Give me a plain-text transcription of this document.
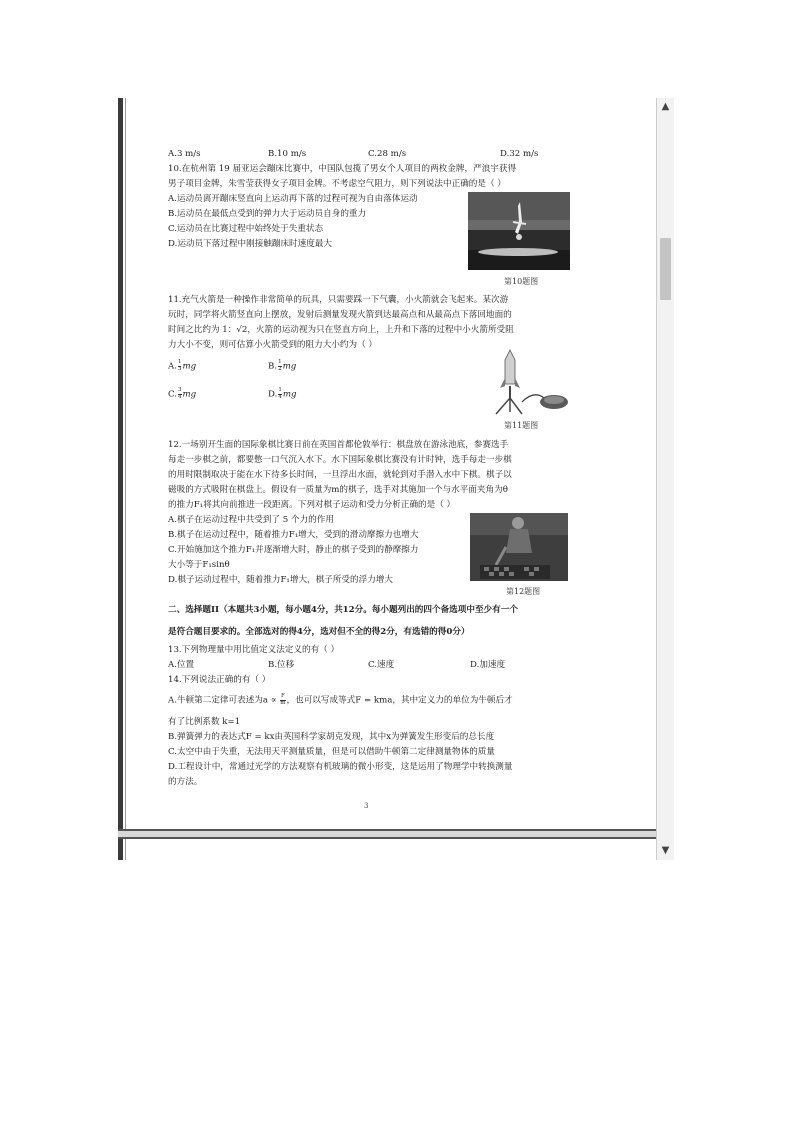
A.3 m/s	B.10 m/s	C.28 m/s	D.32 m/s
10.在杭州第 19 届亚运会蹦床比赛中，中国队包揽了男女个人项目的两枚金牌，严浪宇获得
男子项目金牌，朱雪莹获得女子项目金牌。不考虑空气阻力，则下列说法中正确的是（ ）
A.运动员离开蹦床竖直向上运动再下落的过程可视为自由落体运动
B.运动员在最低点受到的弹力大于运动员自身的重力
C.运动员在比赛过程中始终处于失重状态
D.运动员下落过程中刚接触蹦床时速度最大
第10题图
11.充气火箭是一种操作非常简单的玩具，只需要踩一下气囊，小火箭就会飞起来。某次游
玩时，同学将火箭竖直向上摆放，发射后测量发现火箭到达最高点和从最高点下落回地面的
时间之比约为 1：√2，火箭的运动视为只在竖直方向上，上升和下落的过程中小火箭所受阻
力大小不变，则可估算小火箭受到的阻力大小约为（ ）
A. $\frac{1}{3}$ mg	B. $\frac{1}{2}$ mg
C. $\frac{3}{4}$ mg	D. $\frac{1}{4}$ mg
第11题图
12.一场别开生面的国际象棋比赛日前在英国首都伦敦举行：棋盘放在游泳池底，参赛选手
每走一步棋之前，都要憋一口气沉入水下。水下国际象棋比赛没有计时钟，选手每走一步棋
的用时限制取决于能在水下待多长时间，一旦浮出水面，就轮到对手潜入水中下棋。棋子以
磁吸的方式吸附在棋盘上。假设有一质量为m的棋子，选手对其施加一个与水平面夹角为θ
的推力F₁将其向前推进一段距离。下列对棋子运动和受力分析正确的是（ ）
A.棋子在运动过程中共受到了 5 个力的作用
B.棋子在运动过程中，随着推力F₁增大，受到的滑动摩擦力也增大
C.开始施加这个推力F₁并逐渐增大时，静止的棋子受到的静摩擦力
大小等于F₁sinθ
D.棋子运动过程中，随着推力F₁增大，棋子所受的浮力增大
第12题图
二、选择题II（本题共3小题，每小题4分，共12分。每小题列出的四个备选项中至少有一个
是符合题目要求的。全部选对的得4分，选对但不全的得2分，有选错的得0分）
13.下列物理量中用比值定义法定义的有（ ）
A.位置	B.位移	C.速度	D.加速度
14.下列说法正确的有（ ）
A.牛顿第二定律可表述为$a \propto \frac{F}{m}$ ，也可以写成等式F = kma，其中定义力的单位为牛顿后才
有了比例系数 k=1
B.弹簧弹力的表达式F = kx由英国科学家胡克发现，其中x为弹簧发生形变后的总长度
C.太空中由于失重，无法用天平测量质量，但是可以借助牛顿第二定律测量物体的质量
D.工程设计中，常通过光学的方法观察有机玻璃的微小形变，这是运用了物理学中转换测量
的方法。
3
▲
▼
